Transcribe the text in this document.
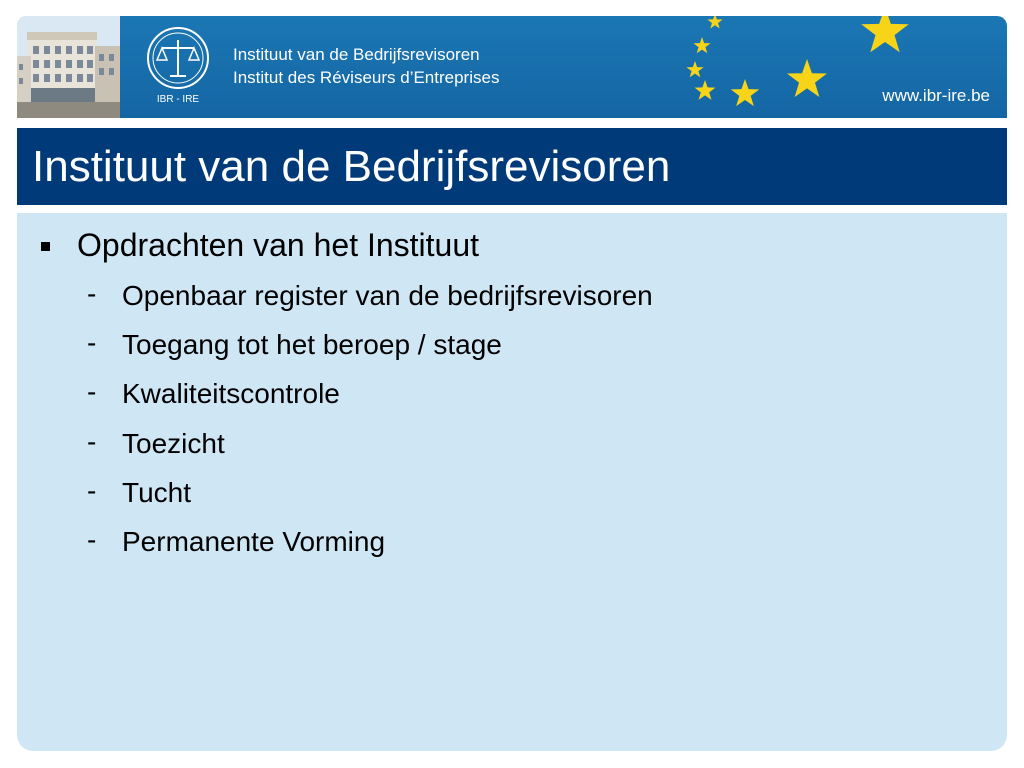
IBR - IRE
Instituut van de Bedrijfsrevisoren
Institut des Réviseurs d’Entreprises
www.ibr-ire.be
Instituut van de Bedrijfsrevisoren
Opdrachten van het Instituut
- Openbaar register van de bedrijfsrevisoren
- Toegang tot het beroep / stage
- Kwaliteitscontrole
- Toezicht
- Tucht
- Permanente Vorming
